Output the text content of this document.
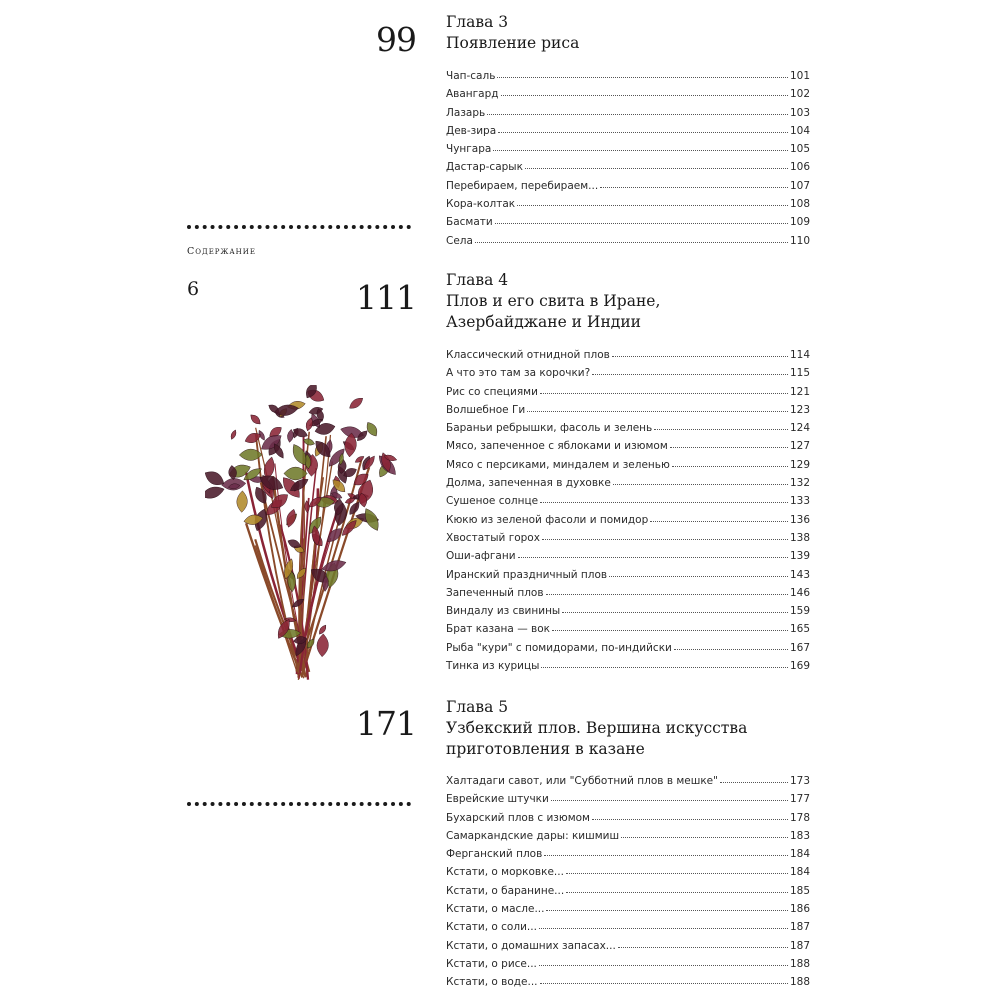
99 Глава 3
Появление риса
Чап-саль	101
Авангард	102
Лазарь	103
Дев-зира	104
Чунгара	105
Дастар-сарык	106
Перебираем, перебираем...	107
Кора-колтак	108
Басмати	109
Села	110
Содержание
6	111 Глава 4
Плов и его свита в Иране,
Азербайджане и Индии
Классический отнидной плов	114
А что это там за корочки?	115
Рис со специями	121
Волшебное Ги	123
Бараньи ребрышки, фасоль и зелень	124
Мясо, запеченное с яблоками и изюмом	127
Мясо с персиками, миндалем и зеленью	129
Долма, запеченная в духовке	132
Сушеное солнце	133
Кюкю из зеленой фасоли и помидор	136
Хвостатый горох	138
Оши-афгани	139
Иранский праздничный плов	143
Запеченный плов	146
Виндалу из свинины	159
Брат казана — вок	165
Рыба "кури" с помидорами, по-индийски	167
Тинка из курицы	169
171 Глава 5
Узбекский плов. Вершина искусства
приготовления в казане
Халтадаги савот, или "Субботний плов в мешке"	173
Еврейские штучки	177
Бухарский плов с изюмом	178
Самаркандские дары: кишмиш	183
Ферганский плов	184
Кстати, о морковке...	184
Кстати, о баранине...	185
Кстати, о масле...	186
Кстати, о соли...	187
Кстати, о домашних запасах...	187
Кстати, о рисе...	188
Кстати, о воде...	188
